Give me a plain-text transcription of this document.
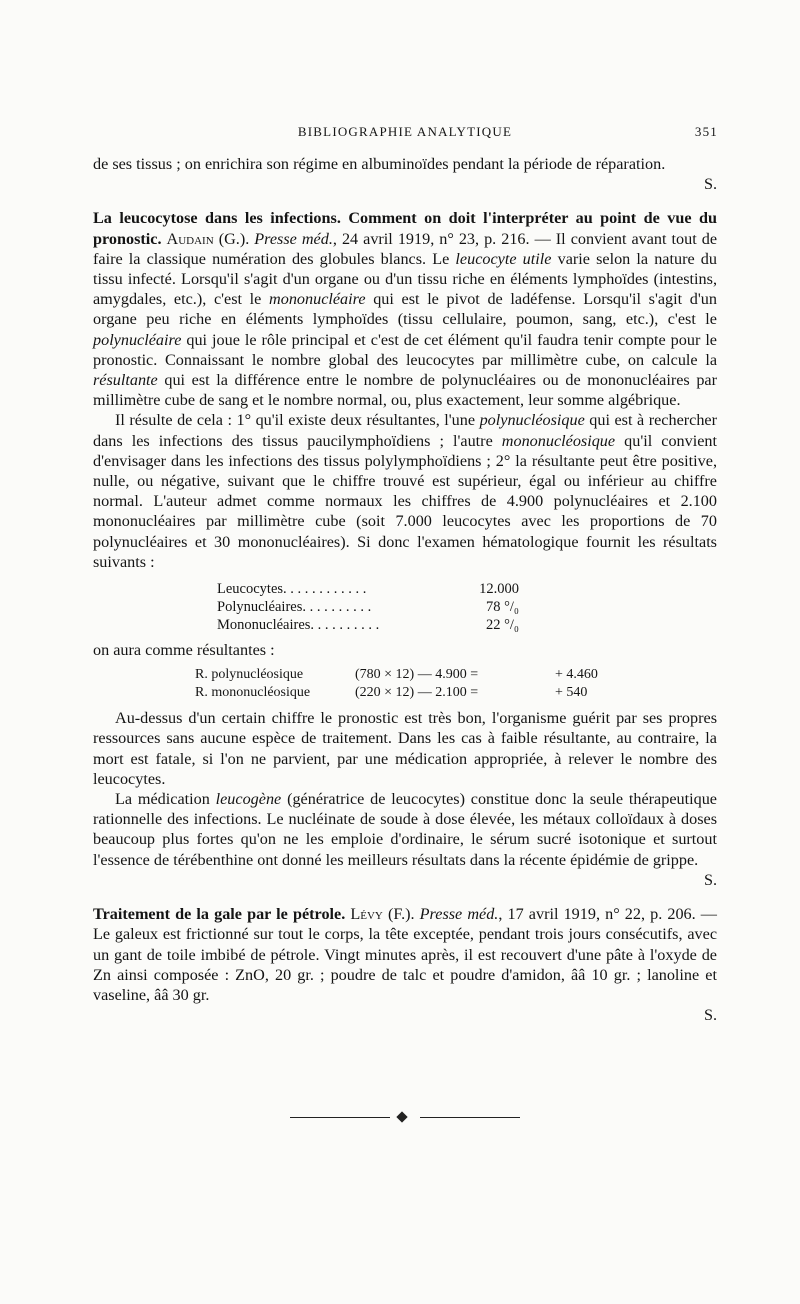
BIBLIOGRAPHIE ANALYTIQUE	351

de ses tissus ; on enrichira son régime en albuminoïdes pendant la période de réparation.
S.

La leucocytose dans les infections. Comment on doit l'interpréter au point de vue du pronostic. Audain (G.). Presse méd., 24 avril 1919, n° 23, p. 216. — Il convient avant tout de faire la classique numération des globules blancs. Le leucocyte utile varie selon la nature du tissu infecté. Lorsqu'il s'agit d'un organe ou d'un tissu riche en éléments lymphoïdes (intestins, amygdales, etc.), c'est le mononucléaire qui est le pivot de ladéfense. Lorsqu'il s'agit d'un organe peu riche en éléments lymphoïdes (tissu cellulaire, poumon, sang, etc.), c'est le polynucléaire qui joue le rôle principal et c'est de cet élément qu'il faudra tenir compte pour le pronostic. Connaissant le nombre global des leucocytes par millimètre cube, on calcule la résultante qui est la différence entre le nombre de polynucléaires ou de mononucléaires par millimètre cube de sang et le nombre normal, ou, plus exactement, leur somme algébrique.

Il résulte de cela : 1° qu'il existe deux résultantes, l'une polynucléosique qui est à rechercher dans les infections des tissus paucilymphoïdiens ; l'autre mononucléosique qu'il convient d'envisager dans les infections des tissus polylymphoïdiens ; 2° la résultante peut être positive, nulle, ou négative, suivant que le chiffre trouvé est supérieur, égal ou inférieur au chiffre normal. L'auteur admet comme normaux les chiffres de 4.900 polynucléaires et 2.100 mononucléaires par millimètre cube (soit 7.000 leucocytes avec les proportions de 70 polynucléaires et 30 mononucléaires). Si donc l'examen hématologique fournit les résultats suivants :

Leucocytes. . . . . . . . . . . .	12.000
Polynucléaires. . . . . . . . . .	78 °/₀
Mononucléaires. . . . . . . . . .	22 °/₀

on aura comme résultantes :

R. polynucléosique	(780 × 12) — 4.900 =	+ 4.460
R. mononucléosique	(220 × 12) — 2.100 =	+ 540

Au-dessus d'un certain chiffre le pronostic est très bon, l'organisme guérit par ses propres ressources sans aucune espèce de traitement. Dans les cas à faible résultante, au contraire, la mort est fatale, si l'on ne parvient, par une médication appropriée, à relever le nombre des leucocytes.

La médication leucogène (génératrice de leucocytes) constitue donc la seule thérapeutique rationnelle des infections. Le nucléinate de soude à dose élevée, les métaux colloïdaux à doses beaucoup plus fortes qu'on ne les emploie d'ordinaire, le sérum sucré isotonique et surtout l'essence de térébenthine ont donné les meilleurs résultats dans la récente épidémie de grippe.
S.

Traitement de la gale par le pétrole. Lévy (F.). Presse méd., 17 avril 1919, n° 22, p. 206. — Le galeux est frictionné sur tout le corps, la tête exceptée, pendant trois jours consécutifs, avec un gant de toile imbibé de pétrole. Vingt minutes après, il est recouvert d'une pâte à l'oxyde de Zn ainsi composée : ZnO, 20 gr. ; poudre de talc et poudre d'amidon, ââ 10 gr. ; lanoline et vaseline, ââ 30 gr.
S.
